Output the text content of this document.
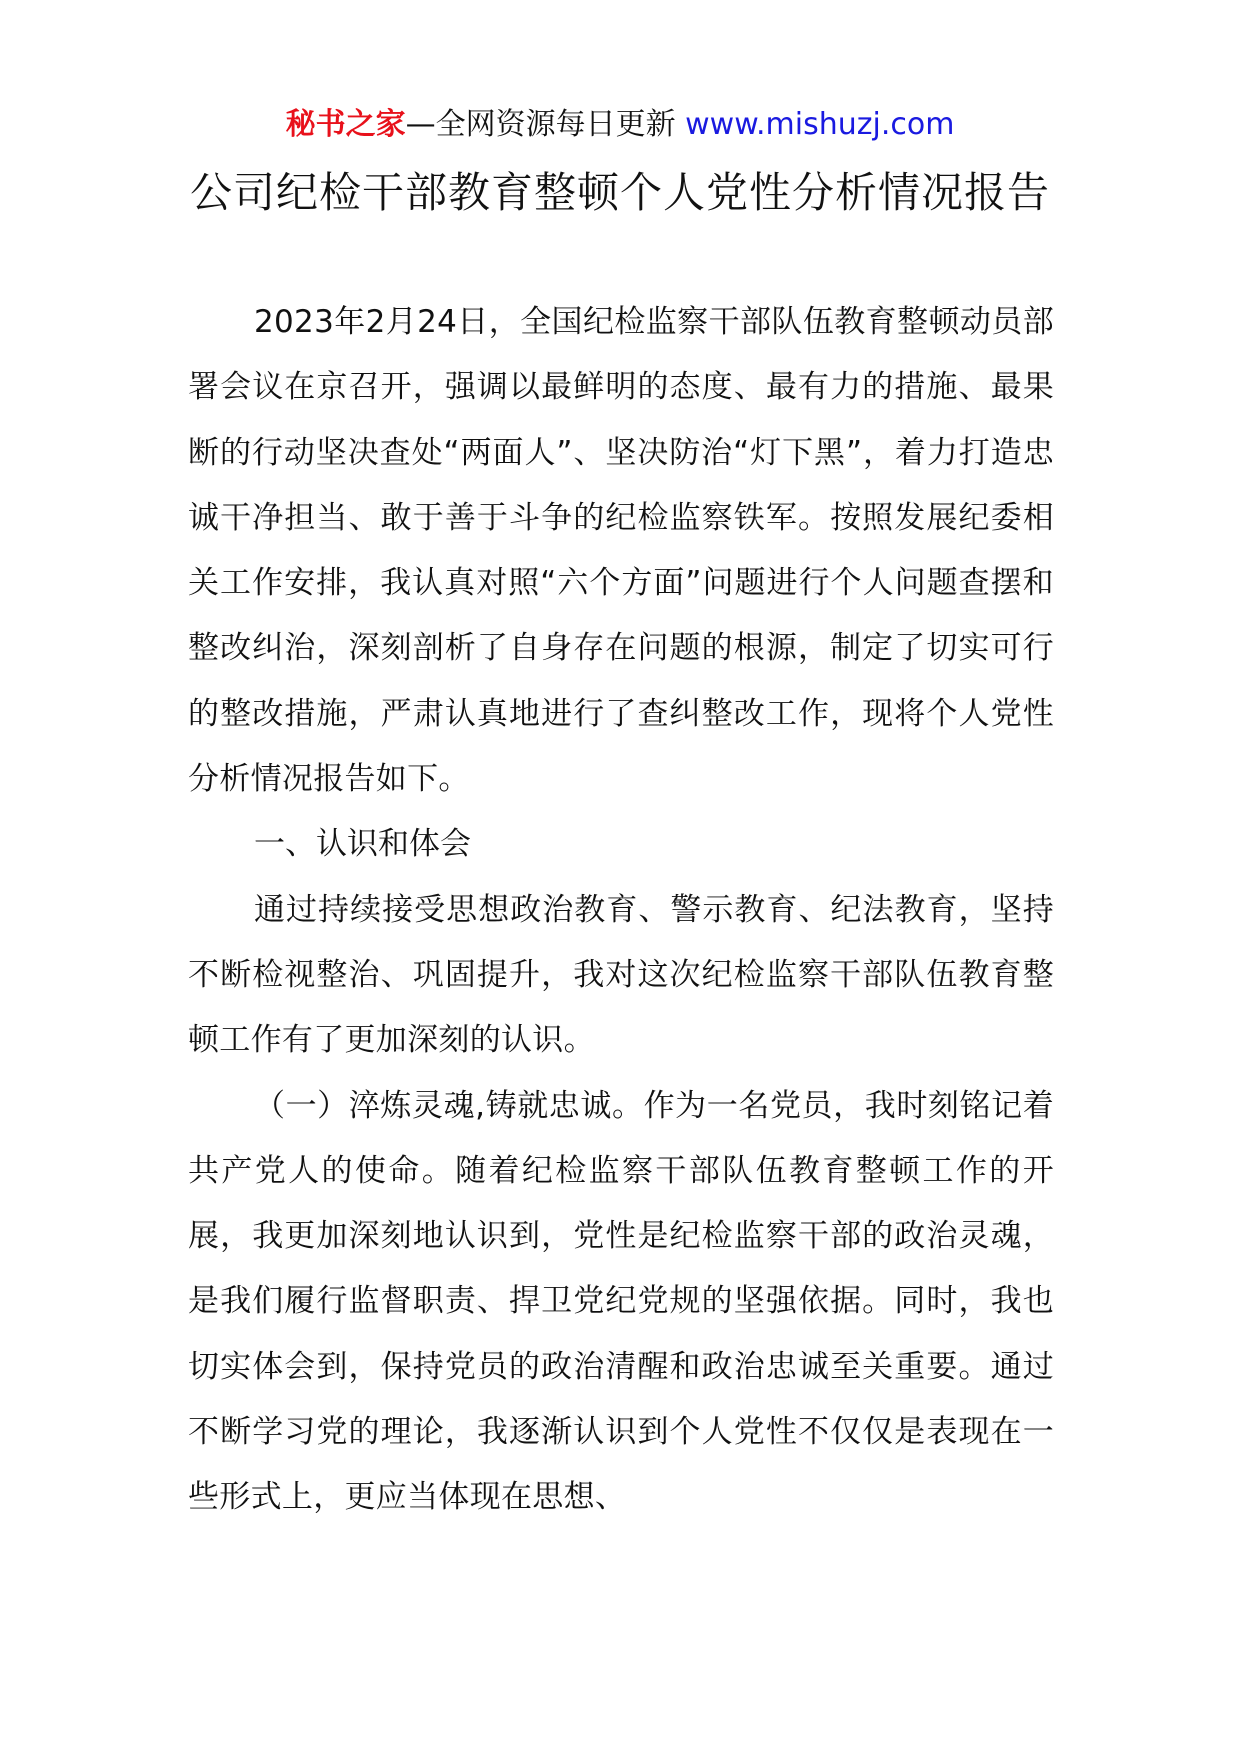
秘书之家—全网资源每日更新 www.mishuzj.com
公司纪检干部教育整顿个人党性分析情况报告

2023年2月24日，全国纪检监察干部队伍教育整顿动员部署会议在京召开，强调以最鲜明的态度、最有力的措施、最果断的行动坚决查处“两面人”、坚决防治“灯下黑”，着力打造忠诚干净担当、敢于善于斗争的纪检监察铁军。按照发展纪委相关工作安排，我认真对照“六个方面”问题进行个人问题查摆和整改纠治，深刻剖析了自身存在问题的根源，制定了切实可行的整改措施，严肃认真地进行了查纠整改工作，现将个人党性分析情况报告如下。

一、认识和体会

通过持续接受思想政治教育、警示教育、纪法教育，坚持不断检视整治、巩固提升，我对这次纪检监察干部队伍教育整顿工作有了更加深刻的认识。

（一）淬炼灵魂,铸就忠诚。作为一名党员，我时刻铭记着共产党人的使命。随着纪检监察干部队伍教育整顿工作的开展，我更加深刻地认识到，党性是纪检监察干部的政治灵魂，是我们履行监督职责、捍卫党纪党规的坚强依据。同时，我也切实体会到，保持党员的政治清醒和政治忠诚至关重要。通过不断学习党的理论，我逐渐认识到个人党性不仅仅是表现在一些形式上，更应当体现在思想、
